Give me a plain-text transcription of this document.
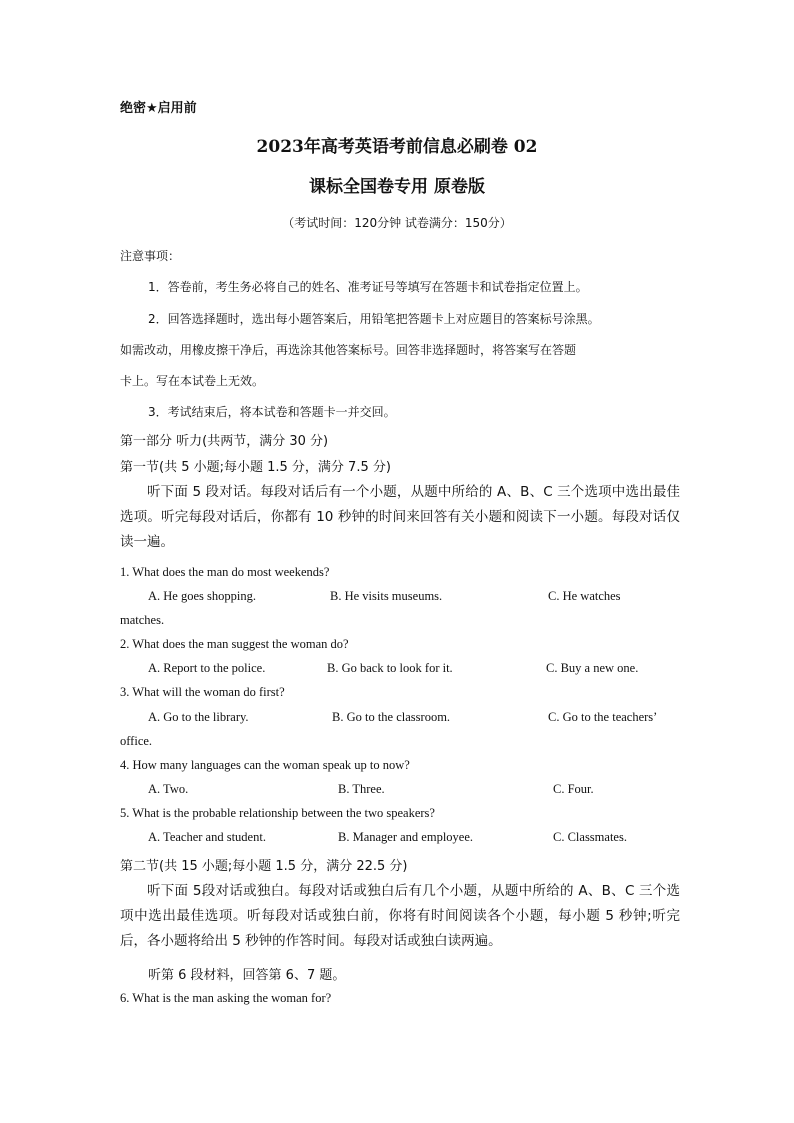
绝密★启用前
2023年高考英语考前信息必刷卷 02
课标全国卷专用 原卷版
（考试时间：120分钟 试卷满分：150分）
注意事项：
1．答卷前，考生务必将自己的姓名、准考证号等填写在答题卡和试卷指定位置上。
2．回答选择题时，选出每小题答案后，用铅笔把答题卡上对应题目的答案标号涂黑。
如需改动，用橡皮擦干净后，再选涂其他答案标号。回答非选择题时，将答案写在答题
卡上。写在本试卷上无效。
3．考试结束后，将本试卷和答题卡一并交回。
第一部分 听力(共两节，满分 30 分)
第一节(共 5 小题;每小题 1.5 分，满分 7.5 分)
听下面 5 段对话。每段对话后有一个小题，从题中所给的 A、B、C 三个选项中选出最佳选项。听完每段对话后，你都有 10 秒钟的时间来回答有关小题和阅读下一小题。每段对话仅读一遍。
1. What does the man do most weekends?
A. He goes shopping.	B. He visits museums.	C. He watches
matches.
2. What does the man suggest the woman do?
A. Report to the police.	B. Go back to look for it.	C. Buy a new one.
3. What will the woman do first?
A. Go to the library.	B. Go to the classroom.	C. Go to the teachers’
office.
4. How many languages can the woman speak up to now?
A. Two.	B. Three.	C. Four.
5. What is the probable relationship between the two speakers?
A. Teacher and student.	B. Manager and employee.	C. Classmates.
第二节(共 15 小题;每小题 1.5 分，满分 22.5 分)
听下面 5段对话或独白。每段对话或独白后有几个小题，从题中所给的 A、B、C 三个选项中选出最佳选项。听每段对话或独白前，你将有时间阅读各个小题，每小题 5 秒钟;听完后，各小题将给出 5 秒钟的作答时间。每段对话或独白读两遍。
听第 6 段材料，回答第 6、7 题。
6. What is the man asking the woman for?
